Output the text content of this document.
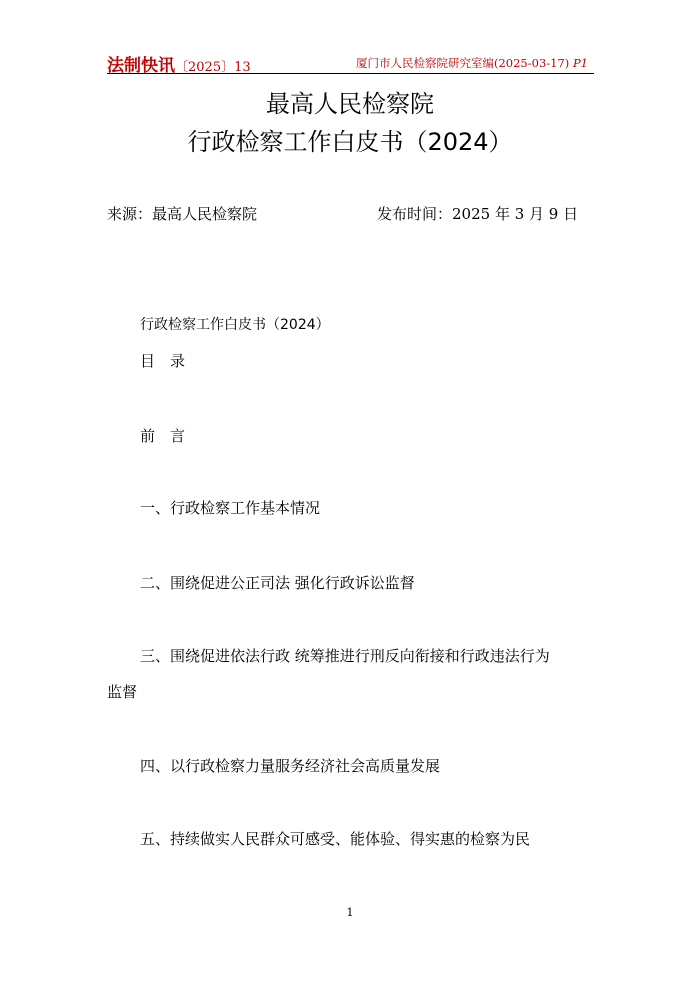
法制快讯〔2025〕13	厦门市人民检察院研究室编(2025-03-17) P1
最高人民检察院
行政检察工作白皮书（2024）
来源：最高人民检察院	发布时间：2025 年 3 月 9 日
行政检察工作白皮书（2024）
目　录
前　言
一、行政检察工作基本情况
二、围绕促进公正司法 强化行政诉讼监督
三、围绕促进依法行政 统筹推进行刑反向衔接和行政违法行为
监督
四、以行政检察力量服务经济社会高质量发展
五、持续做实人民群众可感受、能体验、得实惠的检察为民
1
